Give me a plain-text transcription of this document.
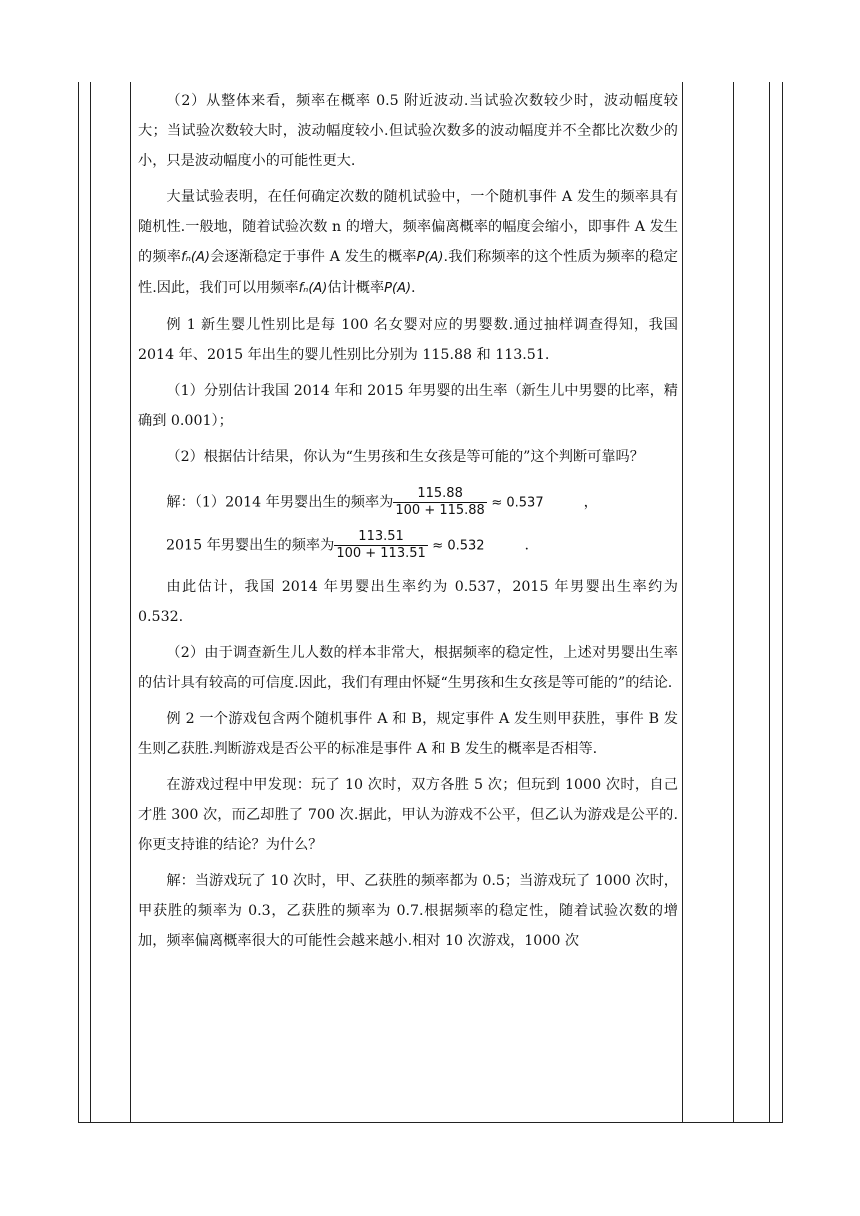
（2）从整体来看，频率在概率 0.5 附近波动.当试验次数较少时，波动幅度较大；当试验次数较大时，波动幅度较小.但试验次数多的波动幅度并不全都比次数少的小，只是波动幅度小的可能性更大.

大量试验表明，在任何确定次数的随机试验中，一个随机事件 A 发生的频率具有随机性.一般地，随着试验次数 n 的增大，频率偏离概率的幅度会缩小，即事件 A 发生的频率fₙ(A)会逐渐稳定于事件 A 发生的概率P(A).我们称频率的这个性质为频率的稳定性.因此，我们可以用频率fₙ(A)估计概率P(A).

例 1 新生婴儿性别比是每 100 名女婴对应的男婴数.通过抽样调查得知，我国 2014 年、2015 年出生的婴儿性别比分别为 115.88 和 113.51.

（1）分别估计我国 2014 年和 2015 年男婴的出生率（新生儿中男婴的比率，精确到 0.001）；

（2）根据估计结果，你认为“生男孩和生女孩是等可能的”这个判断可靠吗？

解：（1）2014 年男婴出生的频率为 $\frac{115.88}{100 + 115.88} \approx 0.537$	，

2015 年男婴出生的频率为 $\frac{113.51}{100 + 113.51} \approx 0.532$	.

由此估计，我国 2014 年男婴出生率约为 0.537，2015 年男婴出生率约为 0.532.

（2）由于调查新生儿人数的样本非常大，根据频率的稳定性，上述对男婴出生率的估计具有较高的可信度.因此，我们有理由怀疑“生男孩和生女孩是等可能的”的结论.

例 2 一个游戏包含两个随机事件 A 和 B，规定事件 A 发生则甲获胜，事件 B 发生则乙获胜.判断游戏是否公平的标准是事件 A 和 B 发生的概率是否相等.

在游戏过程中甲发现：玩了 10 次时，双方各胜 5 次；但玩到 1000 次时，自己才胜 300 次，而乙却胜了 700 次.据此，甲认为游戏不公平，但乙认为游戏是公平的.你更支持谁的结论？为什么？

解：当游戏玩了 10 次时，甲、乙获胜的频率都为 0.5；当游戏玩了 1000 次时，甲获胜的频率为 0.3，乙获胜的频率为 0.7.根据频率的稳定性，随着试验次数的增加，频率偏离概率很大的可能性会越来越小.相对 10 次游戏，1000 次
